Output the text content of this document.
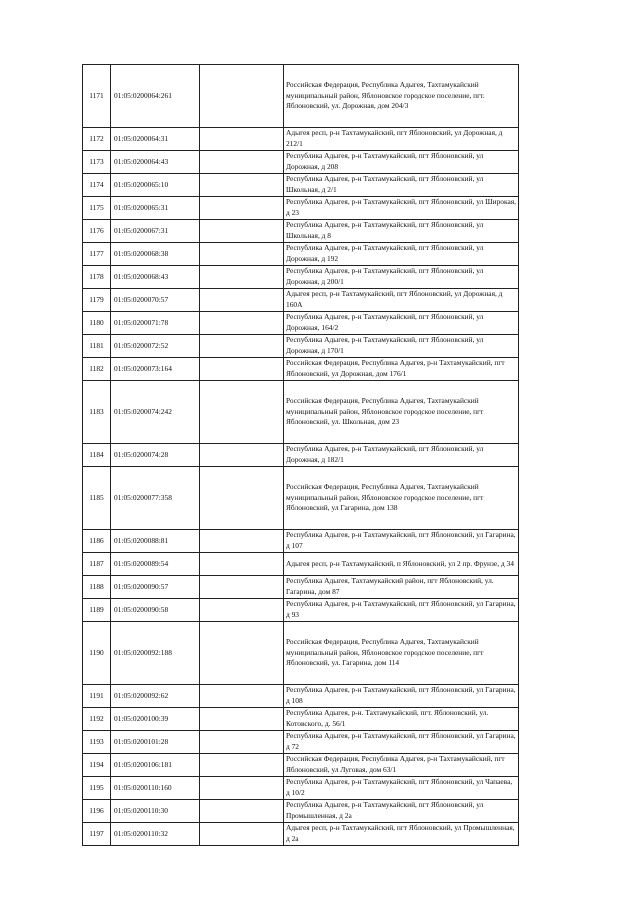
1171	01:05:0200064:261		Российская Федерация, Республика Адыгея, Тахтамукайский муниципальный район, Яблоновское городское поселение, пгт. Яблоновский, ул. Дорожная, дом 204/3
1172	01:05:0200064:31		Адыгея респ, р-н Тахтамукайский, пгт Яблоновский, ул Дорожная, д 212/1
1173	01:05:0200064:43		Республика Адыгея, р-н Тахтамукайский, пгт Яблоновский, ул Дорожная, д 208
1174	01:05:0200065:10		Республика Адыгея, р-н Тахтамукайский, пгт Яблоновский, ул Школьная, д 2/1
1175	01:05:0200065:31		Республика Адыгея, р-н Тахтамукайский, пгт Яблоновский, ул Широкая, д 23
1176	01:05:0200067:31		Республика Адыгея, р-н Тахтамукайский, пгт Яблоновский, ул Школьная, д 8
1177	01:05:0200068:38		Республика Адыгея, р-н Тахтамукайский, пгт Яблоновский, ул Дорожная, д 192
1178	01:05:0200068:43		Республика Адыгея, р-н Тахтамукайский, пгт Яблоновский, ул Дорожная, д 200/1
1179	01:05:0200070:57		Адыгея респ, р-н Тахтамукайский, пгт Яблоновский, ул Дорожная, д 160А
1180	01:05:0200071:78		Республика Адыгея, р-н Тахтамукайский, пгт Яблоновский, ул Дорожная, 164/2
1181	01:05:0200072:52		Республика Адыгея, р-н Тахтамукайский, пгт Яблоновский, ул Дорожная, д 170/1
1182	01:05:0200073:164		Российская Федерация, Республика Адыгея, р-н Тахтамукайский, пгт Яблоновский, ул Дорожная, дом 176/1
1183	01:05:0200074:242		Российская Федерация, Республика Адыгея, Тахтамукайский муниципальный район, Яблоновское городское поселение, пгт Яблоновский, ул. Школьная, дом 23
1184	01:05:0200074:28		Республика Адыгея, р-н Тахтамукайский, пгт Яблоновский, ул Дорожная, д 182/1
1185	01:05:0200077:358		Российская Федерация, Республика Адыгея, Тахтамукайский муниципальный район, Яблоновское городское поселение, пгт Яблоновский, ул Гагарина, дом 138
1186	01:05:0200088:81		Республика Адыгея, р-н Тахтамукайский, пгт Яблоновский, ул Гагарина, д 107
1187	01:05:0200089:54		Адыгея респ, р-н Тахтамукайский, п Яблоновский, ул 2 пр. Фрунзе, д 34
1188	01:05:0200090:57		Республика Адыгея, Тахтамукайский район, пгт Яблоновский, ул. Гагарина, дом 87
1189	01:05:0200090:58		Республика Адыгея, р-н Тахтамукайский, пгт Яблоновский, ул Гагарина, д 93
1190	01:05:0200092:188		Российская Федерация, Республика Адыгея, Тахтамукайский муниципальный район, Яблоновское городское поселение, пгт Яблоновский, ул. Гагарина, дом 114
1191	01:05:0200092:62		Республика Адыгея, р-н Тахтамукайский, пгт Яблоновский, ул Гагарина, д 108
1192	01:05:0200100:39		Республика Адыгея, р-н. Тахтамукайский, пгт. Яблоновский, ул. Котовского, д. 56/1
1193	01:05:0200101:28		Республика Адыгея, р-н Тахтамукайский, пгт Яблоновский, ул Гагарина, д 72
1194	01:05:0200106:181		Российская Федерация, Республика Адыгея, р-н Тахтамукайский, пгт Яблоновский, ул Луговая, дом 63/1
1195	01:05:0200110:160		Республика Адыгея, р-н Тахтамукайский, пгт Яблоновский, ул Чапаева, д 10/2
1196	01:05:0200110:30		Республика Адыгея, р-н Тахтамукайский, пгт Яблоновский, ул Промышленная, д 2а
1197	01:05:0200110:32		Адыгея респ, р-н Тахтамукайский, пгт Яблоновский, ул Промышленная, д 2а
